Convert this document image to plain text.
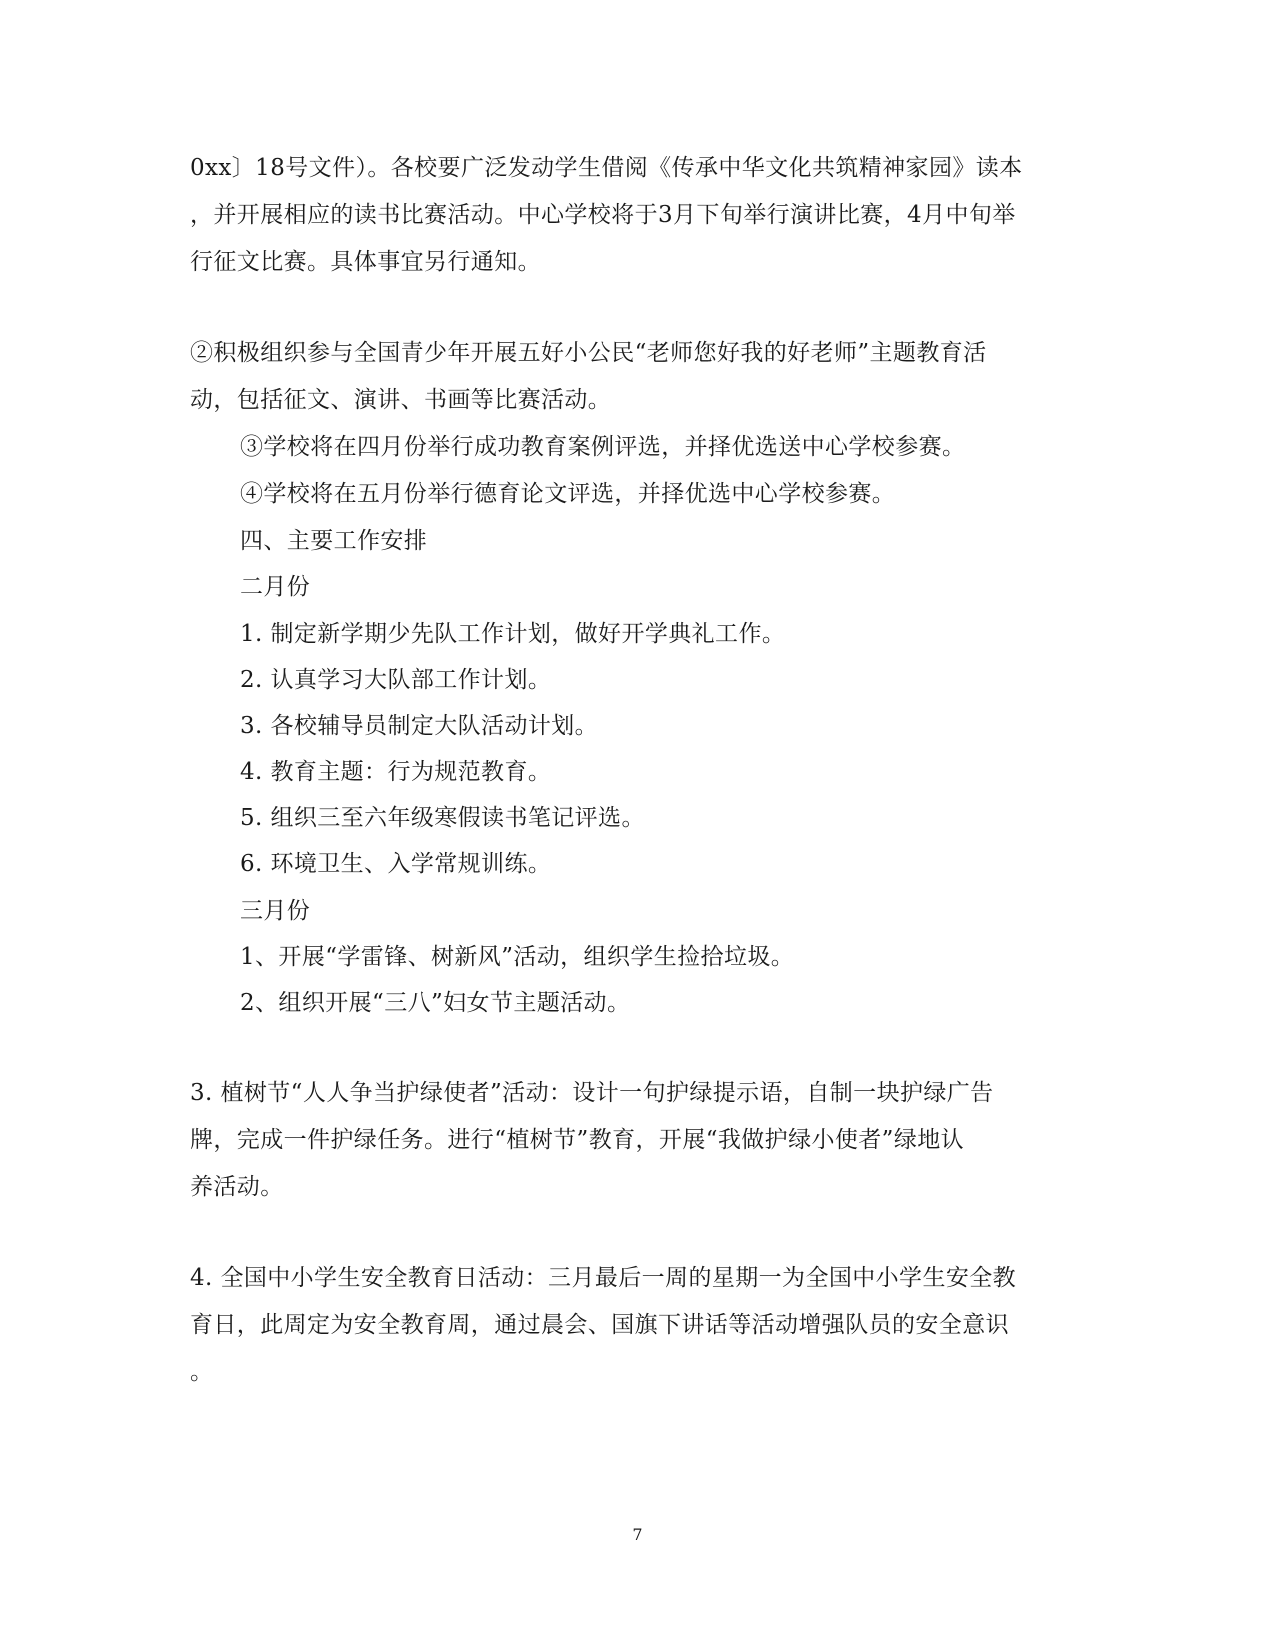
0xx〕18号文件）。各校要广泛发动学生借阅《传承中华文化共筑精神家园》读本
，并开展相应的读书比赛活动。中心学校将于3月下旬举行演讲比赛，4月中旬举
行征文比赛。具体事宜另行通知。
②积极组织参与全国青少年开展五好小公民“老师您好我的好老师”主题教育活
动，包括征文、演讲、书画等比赛活动。
③学校将在四月份举行成功教育案例评选，并择优选送中心学校参赛。
④学校将在五月份举行德育论文评选，并择优选中心学校参赛。
四、主要工作安排
二月份
1. 制定新学期少先队工作计划，做好开学典礼工作。
2. 认真学习大队部工作计划。
3. 各校辅导员制定大队活动计划。
4. 教育主题：行为规范教育。
5. 组织三至六年级寒假读书笔记评选。
6. 环境卫生、入学常规训练。
三月份
1、开展“学雷锋、树新风”活动，组织学生捡拾垃圾。
2、组织开展“三八”妇女节主题活动。
3. 植树节“人人争当护绿使者”活动：设计一句护绿提示语，自制一块护绿广告
牌，完成一件护绿任务。进行“植树节”教育，开展“我做护绿小使者”绿地认
养活动。
4. 全国中小学生安全教育日活动：三月最后一周的星期一为全国中小学生安全教
育日，此周定为安全教育周，通过晨会、国旗下讲话等活动增强队员的安全意识
。
7
